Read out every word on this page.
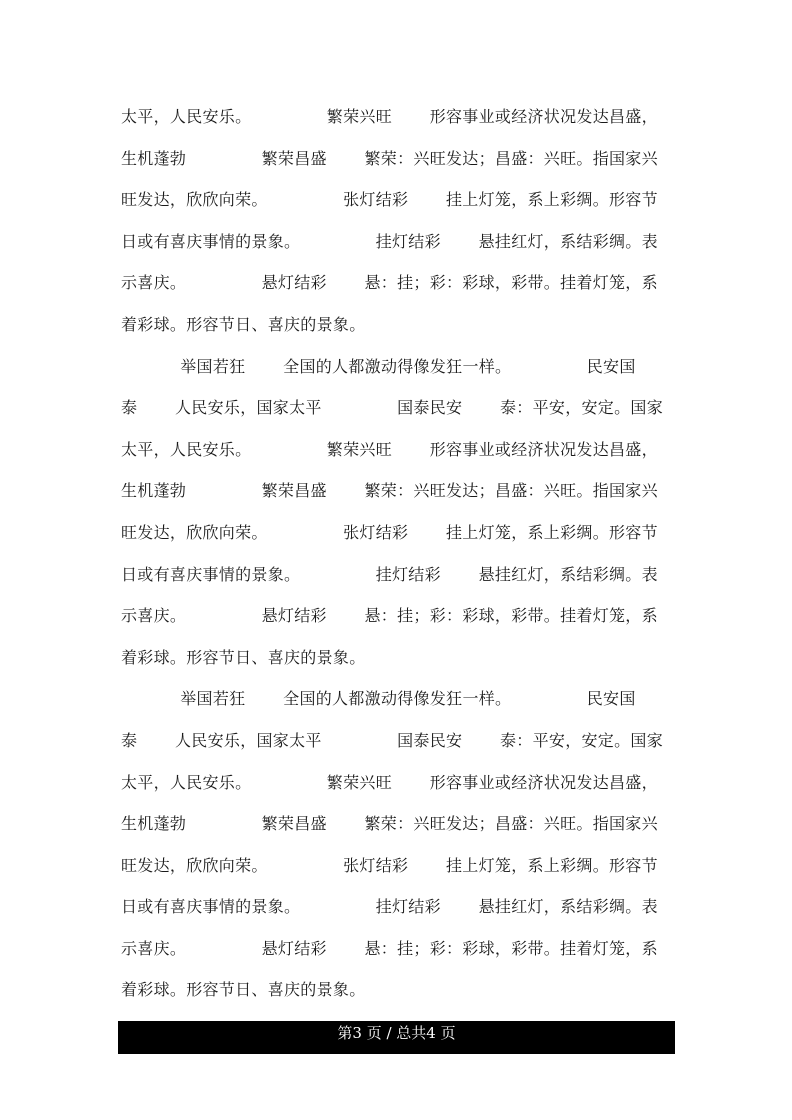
太平，人民安乐。              繁荣兴旺       形容事业或经济状况发达昌盛，
生机蓬勃              繁荣昌盛       繁荣：兴旺发达；昌盛：兴旺。指国家兴
旺发达，欣欣向荣。              张灯结彩       挂上灯笼，系上彩绸。形容节
日或有喜庆事情的景象。              挂灯结彩       悬挂红灯，系结彩绸。表
示喜庆。              悬灯结彩       悬：挂；彩：彩球，彩带。挂着灯笼，系
着彩球。形容节日、喜庆的景象。
举国若狂       全国的人都激动得像发狂一样。              民安国
泰       人民安乐，国家太平              国泰民安       泰：平安，安定。国家
太平，人民安乐。              繁荣兴旺       形容事业或经济状况发达昌盛，
生机蓬勃              繁荣昌盛       繁荣：兴旺发达；昌盛：兴旺。指国家兴
旺发达，欣欣向荣。              张灯结彩       挂上灯笼，系上彩绸。形容节
日或有喜庆事情的景象。              挂灯结彩       悬挂红灯，系结彩绸。表
示喜庆。              悬灯结彩       悬：挂；彩：彩球，彩带。挂着灯笼，系
着彩球。形容节日、喜庆的景象。
举国若狂       全国的人都激动得像发狂一样。              民安国
泰       人民安乐，国家太平              国泰民安       泰：平安，安定。国家
太平，人民安乐。              繁荣兴旺       形容事业或经济状况发达昌盛，
生机蓬勃              繁荣昌盛       繁荣：兴旺发达；昌盛：兴旺。指国家兴
旺发达，欣欣向荣。              张灯结彩       挂上灯笼，系上彩绸。形容节
日或有喜庆事情的景象。              挂灯结彩       悬挂红灯，系结彩绸。表
示喜庆。              悬灯结彩       悬：挂；彩：彩球，彩带。挂着灯笼，系
着彩球。形容节日、喜庆的景象。
第3 页 / 总共4 页
